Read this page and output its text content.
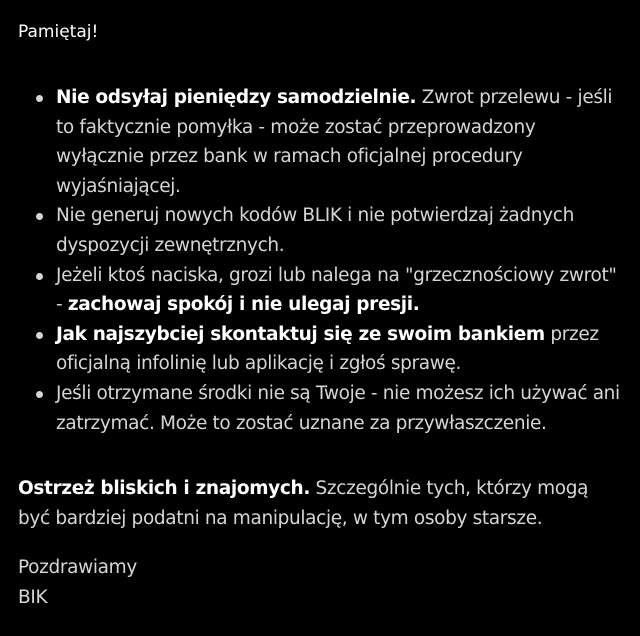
Pamiętaj!

Nie odsyłaj pieniędzy samodzielnie. Zwrot przelewu - jeśli to faktycznie pomyłka - może zostać przeprowadzony wyłącznie przez bank w ramach oficjalnej procedury wyjaśniającej.
Nie generuj nowych kodów BLIK i nie potwierdzaj żadnych dyspozycji zewnętrznych.
Jeżeli ktoś naciska, grozi lub nalega na "grzecznościowy zwrot" - zachowaj spokój i nie ulegaj presji.
Jak najszybciej skontaktuj się ze swoim bankiem przez oficjalną infolinię lub aplikację i zgłoś sprawę.
Jeśli otrzymane środki nie są Twoje - nie możesz ich używać ani zatrzymać. Może to zostać uznane za przywłaszczenie.

Ostrzeż bliskich i znajomych. Szczególnie tych, którzy mogą być bardziej podatni na manipulację, w tym osoby starsze.

Pozdrawiamy
BIK
